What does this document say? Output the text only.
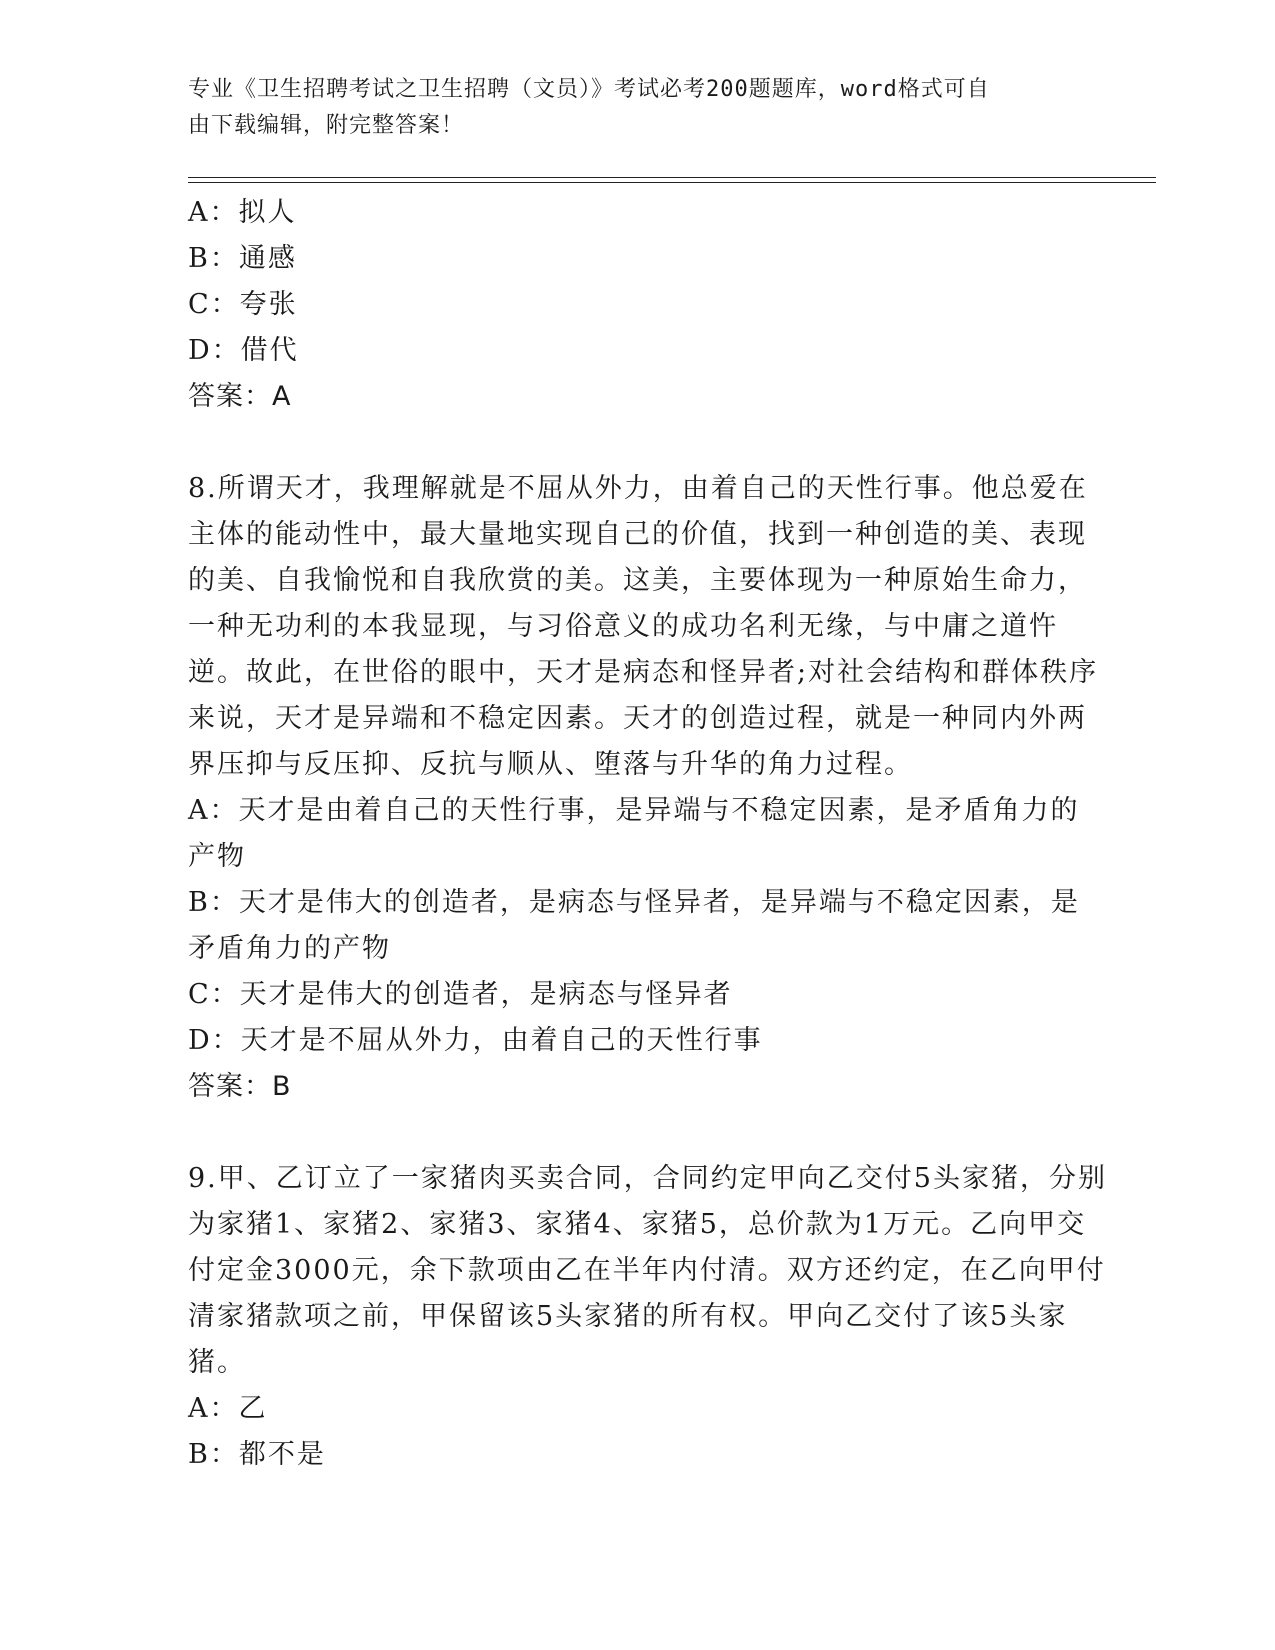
专业《卫生招聘考试之卫生招聘（文员）》考试必考200题题库，word格式可自
由下载编辑，附完整答案！
A：拟人
B：通感
C：夸张
D：借代
答案：A
8.所谓天才，我理解就是不屈从外力，由着自己的天性行事。他总爱在主体的能动性中，最大量地实现自己的价值，找到一种创造的美、表现的美、自我愉悦和自我欣赏的美。这美，主要体现为一种原始生命力，一种无功利的本我显现，与习俗意义的成功名利无缘，与中庸之道忤逆。故此，在世俗的眼中，天才是病态和怪异者;对社会结构和群体秩序来说，天才是异端和不稳定因素。天才的创造过程，就是一种同内外两界压抑与反压抑、反抗与顺从、堕落与升华的角力过程。
A：天才是由着自己的天性行事，是异端与不稳定因素，是矛盾角力的产物
B：天才是伟大的创造者，是病态与怪异者，是异端与不稳定因素，是矛盾角力的产物
C：天才是伟大的创造者，是病态与怪异者
D：天才是不屈从外力，由着自己的天性行事
答案：B
9.甲、乙订立了一家猪肉买卖合同，合同约定甲向乙交付5头家猪，分别为家猪1、家猪2、家猪3、家猪4、家猪5，总价款为1万元。乙向甲交付定金3000元，余下款项由乙在半年内付清。双方还约定，在乙向甲付清家猪款项之前，甲保留该5头家猪的所有权。甲向乙交付了该5头家猪。
A：乙
B：都不是
